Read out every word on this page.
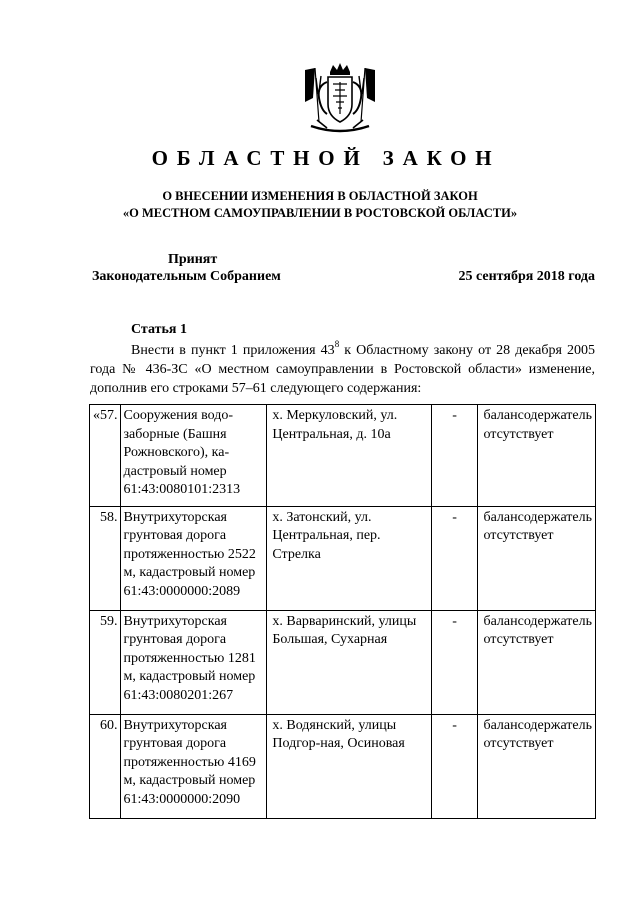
ОБЛАСТНОЙ ЗАКОН
О ВНЕСЕНИИ ИЗМЕНЕНИЯ В ОБЛАСТНОЙ ЗАКОН
«О МЕСТНОМ САМОУПРАВЛЕНИИ В РОСТОВСКОЙ ОБЛАСТИ»
Принят
Законодательным Собранием	25 сентября 2018 года
Статья 1
Внести в пункт 1 приложения $43^8$ к Областному закону от 28 декабря 2005 года № 436-ЗС «О местном самоуправлении в Ростовской области» изменение, дополнив его строками 57–61 следующего содержания:
«57.	Сооружения водо-заборные (Башня Рожновского), ка-дастровый номер 61:43:0080101:2313	х. Меркуловский, ул. Центральная, д. 10а	-	балансодержатель отсутствует
58.	Внутрихуторская грунтовая дорога протяженностью 2522 м, кадастровый номер 61:43:0000000:2089	х. Затонский, ул. Центральная, пер. Стрелка	-	балансодержатель отсутствует
59.	Внутрихуторская грунтовая дорога протяженностью 1281 м, кадастровый номер 61:43:0080201:267	х. Варваринский, улицы Большая, Сухарная	-	балансодержатель отсутствует
60.	Внутрихуторская грунтовая дорога протяженностью 4169 м, кадастровый номер 61:43:0000000:2090	х. Водянский, улицы Подгор-ная, Осиновая	-	балансодержатель отсутствует
